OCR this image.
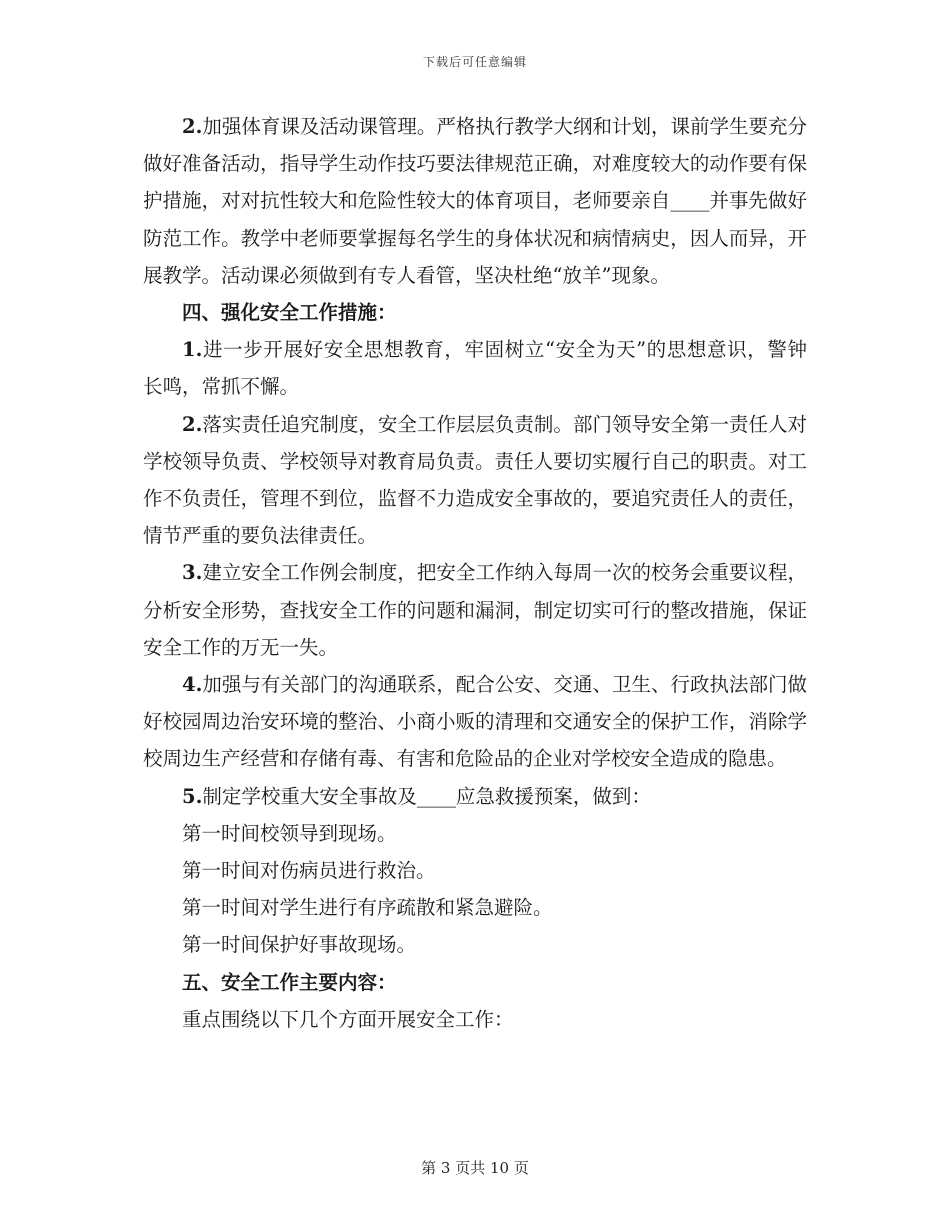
下载后可任意编辑

2.加强体育课及活动课管理。严格执行教学大纲和计划，课前学生要充分做好准备活动，指导学生动作技巧要法律规范正确，对难度较大的动作要有保护措施，对对抗性较大和危险性较大的体育项目，老师要亲自____并事先做好防范工作。教学中老师要掌握每名学生的身体状况和病情病史，因人而异，开展教学。活动课必须做到有专人看管，坚决杜绝“放羊”现象。

四、强化安全工作措施：

1.进一步开展好安全思想教育，牢固树立“安全为天”的思想意识，警钟长鸣，常抓不懈。

2.落实责任追究制度，安全工作层层负责制。部门领导安全第一责任人对学校领导负责、学校领导对教育局负责。责任人要切实履行自己的职责。对工作不负责任，管理不到位，监督不力造成安全事故的，要追究责任人的责任，情节严重的要负法律责任。

3.建立安全工作例会制度，把安全工作纳入每周一次的校务会重要议程，分析安全形势，查找安全工作的问题和漏洞，制定切实可行的整改措施，保证安全工作的万无一失。

4.加强与有关部门的沟通联系，配合公安、交通、卫生、行政执法部门做好校园周边治安环境的整治、小商小贩的清理和交通安全的保护工作，消除学校周边生产经营和存储有毒、有害和危险品的企业对学校安全造成的隐患。

5.制定学校重大安全事故及____应急救援预案，做到：

第一时间校领导到现场。

第一时间对伤病员进行救治。

第一时间对学生进行有序疏散和紧急避险。

第一时间保护好事故现场。

五、安全工作主要内容：

重点围绕以下几个方面开展安全工作：

第 3 页共 10 页
